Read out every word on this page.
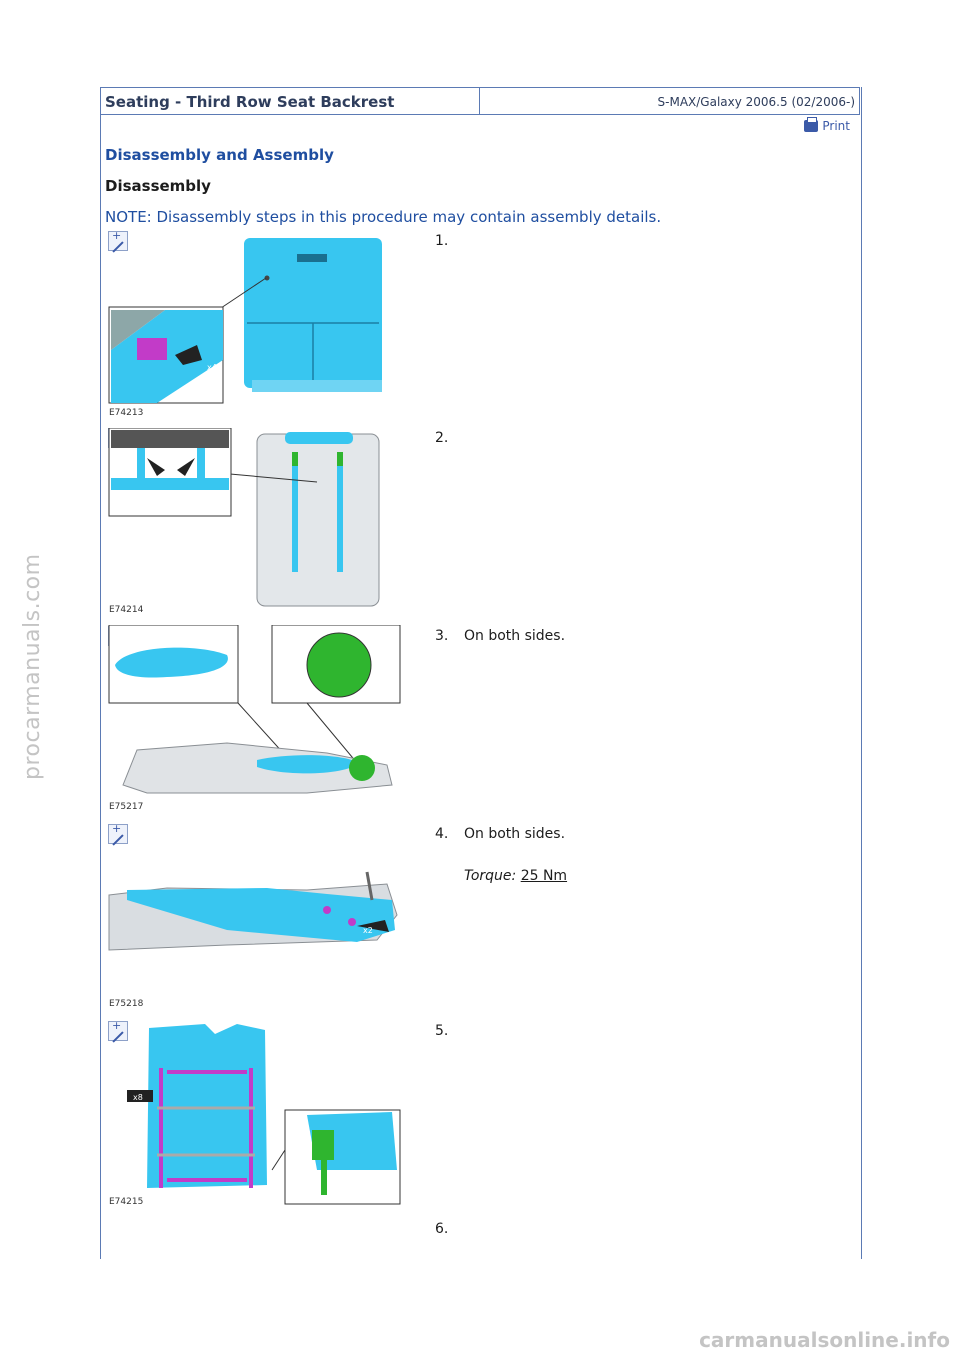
Seating - Third Row Seat Backrest	S-MAX/Galaxy 2006.5 (02/2006-)
Print
Disassembly and Assembly
Disassembly
NOTE: Disassembly steps in this procedure may contain assembly details.
+
x4
E74213
1.
+
E74214
2.
+
E75217
3. On both sides.
+
x2
E75218
4. On both sides.
Torque: 25 Nm
+
x8
E74215
5.
6.
procarmanuals.com
carmanualsonline.info
